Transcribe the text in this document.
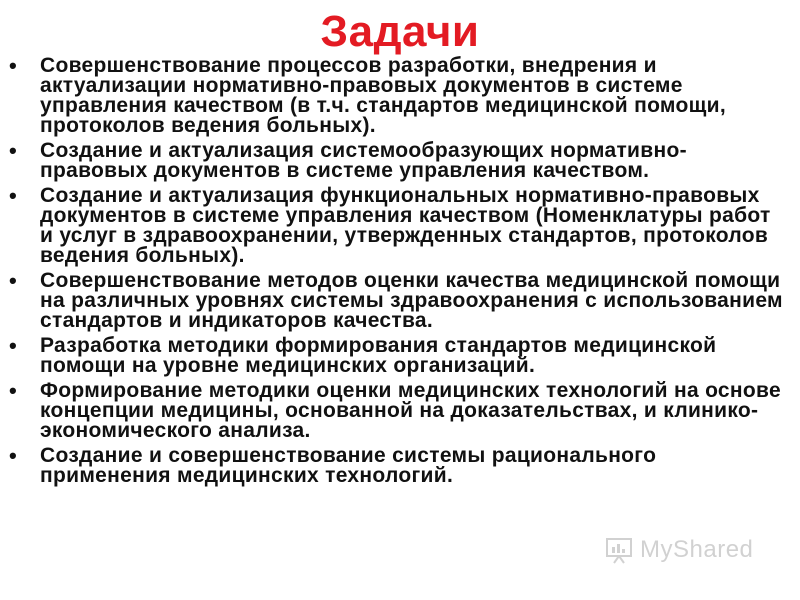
Задачи
• Совершенствование процессов разработки, внедрения и актуализации нормативно-правовых документов в системе управления качеством (в т.ч. стандартов медицинской помощи, протоколов ведения больных).
• Создание и актуализация системообразующих нормативно-правовых документов в системе управления качеством.
• Создание и актуализация функциональных нормативно-правовых документов в системе управления качеством (Номенклатуры работ и услуг в здравоохранении, утвержденных стандартов, протоколов ведения больных).
• Совершенствование методов оценки качества медицинской помощи на различных уровнях системы здравоохранения с использованием стандартов и индикаторов качества.
• Разработка методики формирования стандартов медицинской помощи на уровне медицинских организаций.
• Формирование методики оценки медицинских технологий на основе концепции медицины, основанной на доказательствах, и клинико-экономического анализа.
• Создание и совершенствование системы рационального применения медицинских технологий.
MyShared
